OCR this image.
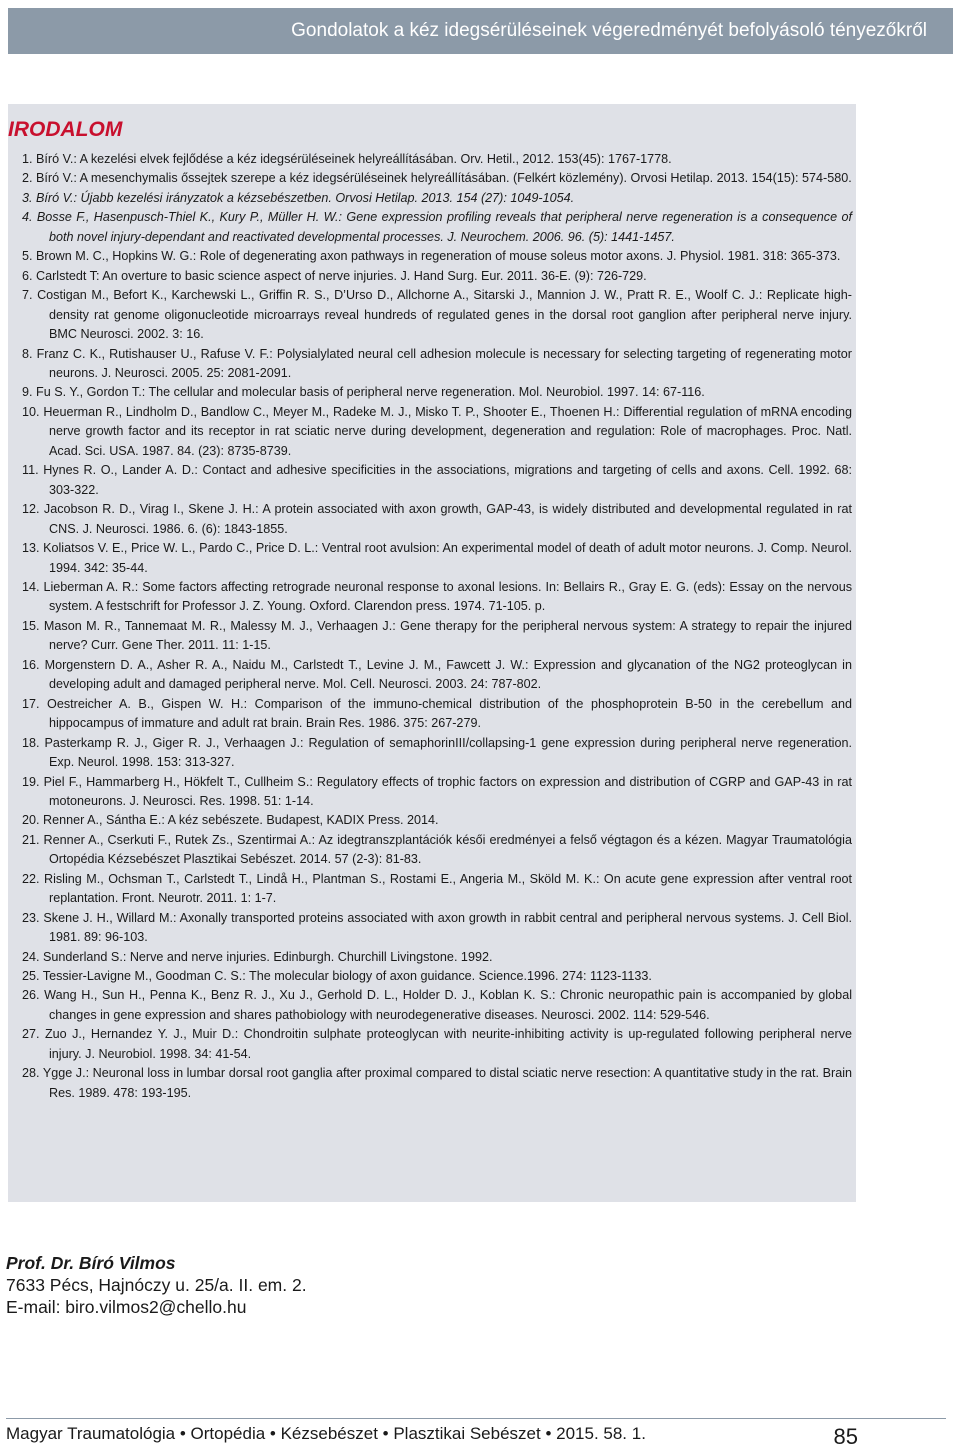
Gondolatok a kéz idegsérüléseinek végeredményét befolyásoló tényezőkről
IRODALOM
1. Bíró V.: A kezelési elvek fejlődése a kéz idegsérüléseinek helyreállításában. Orv. Hetil., 2012. 153(45): 1767-1778.
2. Bíró V.: A mesenchymalis őssejtek szerepe a kéz idegsérüléseinek helyreállításában. (Felkért közlemény). Orvosi Hetilap. 2013. 154(15): 574-580.
3. Bíró V.: Újabb kezelési irányzatok a kézsebészetben. Orvosi Hetilap. 2013. 154 (27): 1049-1054.
4. Bosse F., Hasenpusch-Thiel K., Kury P., Müller H. W.: Gene expression profiling reveals that peripheral nerve regeneration is a consequence of both novel injury-dependant and reactivated developmental processes. J. Neurochem. 2006. 96. (5): 1441-1457.
5. Brown M. C., Hopkins W. G.: Role of degenerating axon pathways in regeneration of mouse soleus motor axons. J. Physiol. 1981. 318: 365-373.
6. Carlstedt T: An overture to basic science aspect of nerve injuries. J. Hand Surg. Eur. 2011. 36-E. (9): 726-729.
7. Costigan M., Befort K., Karchewski L., Griffin R. S., D’Urso D., Allchorne A., Sitarski J., Mannion J. W., Pratt R. E., Woolf C. J.: Replicate high-density rat genome oligonucleotide microarrays reveal hundreds of regulated genes in the dorsal root ganglion after peripheral nerve injury. BMC Neurosci. 2002. 3: 16.
8. Franz C. K., Rutishauser U., Rafuse V. F.: Polysialylated neural cell adhesion molecule is necessary for selecting targeting of regenerating motor neurons. J. Neurosci. 2005. 25: 2081-2091.
9. Fu S. Y., Gordon T.: The cellular and molecular basis of peripheral nerve regeneration. Mol. Neurobiol. 1997. 14: 67-116.
10. Heuerman R., Lindholm D., Bandlow C., Meyer M., Radeke M. J., Misko T. P., Shooter E., Thoenen H.: Differential regulation of mRNA encoding nerve growth factor and its receptor in rat sciatic nerve during development, degeneration and regulation: Role of macrophages. Proc. Natl. Acad. Sci. USA. 1987. 84. (23): 8735-8739.
11. Hynes R. O., Lander A. D.: Contact and adhesive specificities in the associations, migrations and targeting of cells and axons. Cell. 1992. 68: 303-322.
12. Jacobson R. D., Virag I., Skene J. H.: A protein associated with axon growth, GAP-43, is widely distributed and developmental regulated in rat CNS. J. Neurosci. 1986. 6. (6): 1843-1855.
13. Koliatsos V. E., Price W. L., Pardo C., Price D. L.: Ventral root avulsion: An experimental model of death of adult motor neurons. J. Comp. Neurol. 1994. 342: 35-44.
14. Lieberman A. R.: Some factors affecting retrograde neuronal response to axonal lesions. In: Bellairs R., Gray E. G. (eds): Essay on the nervous system. A festschrift for Professor J. Z. Young. Oxford. Clarendon press. 1974. 71-105. p.
15. Mason M. R., Tannemaat M. R., Malessy M. J., Verhaagen J.: Gene therapy for the peripheral nervous system: A strategy to repair the injured nerve? Curr. Gene Ther. 2011. 11: 1-15.
16. Morgenstern D. A., Asher R. A., Naidu M., Carlstedt T., Levine J. M., Fawcett J. W.: Expression and glycanation of the NG2 proteoglycan in developing adult and damaged peripheral nerve. Mol. Cell. Neurosci. 2003. 24: 787-802.
17. Oestreicher A. B., Gispen W. H.: Comparison of the immuno-chemical distribution of the phosphoprotein B-50 in the cerebellum and hippocampus of immature and adult rat brain. Brain Res. 1986. 375: 267-279.
18. Pasterkamp R. J., Giger R. J., Verhaagen J.: Regulation of semaphorinIII/collapsing-1 gene expression during peripheral nerve regeneration. Exp. Neurol. 1998. 153: 313-327.
19. Piel F., Hammarberg H., Hökfelt T., Cullheim S.: Regulatory effects of trophic factors on expression and distribution of CGRP and GAP-43 in rat motoneurons. J. Neurosci. Res. 1998. 51: 1-14.
20. Renner A., Sántha E.: A kéz sebészete. Budapest, KADIX Press. 2014.
21. Renner A., Cserkuti F., Rutek Zs., Szentirmai A.: Az idegtranszplantációk késői eredményei a felső végtagon és a kézen. Magyar Traumatológia Ortopédia Kézsebészet Plasztikai Sebészet. 2014. 57 (2-3): 81-83.
22. Risling M., Ochsman T., Carlstedt T., Lindå H., Plantman S., Rostami E., Angeria M., Sköld M. K.: On acute gene expression after ventral root replantation. Front. Neurotr. 2011. 1: 1-7.
23. Skene J. H., Willard M.: Axonally transported proteins associated with axon growth in rabbit central and peripheral nervous systems. J. Cell Biol. 1981. 89: 96-103.
24. Sunderland S.: Nerve and nerve injuries. Edinburgh. Churchill Livingstone. 1992.
25. Tessier-Lavigne M., Goodman C. S.: The molecular biology of axon guidance. Science.1996. 274: 1123-1133.
26. Wang H., Sun H., Penna K., Benz R. J., Xu J., Gerhold D. L., Holder D. J., Koblan K. S.: Chronic neuropathic pain is accompanied by global changes in gene expression and shares pathobiology with neurodegenerative diseases. Neurosci. 2002. 114: 529-546.
27. Zuo J., Hernandez Y. J., Muir D.: Chondroitin sulphate proteoglycan with neurite-inhibiting activity is up-regulated following peripheral nerve injury. J. Neurobiol. 1998. 34: 41-54.
28. Ygge J.: Neuronal loss in lumbar dorsal root ganglia after proximal compared to distal sciatic nerve resection: A quantitative study in the rat. Brain Res. 1989. 478: 193-195.
Prof. Dr. Bíró Vilmos
7633 Pécs, Hajnóczy u. 25/a. II. em. 2.
E-mail: biro.vilmos2@chello.hu
Magyar Traumatológia • Ortopédia • Kézsebészet • Plasztikai Sebészet • 2015. 58. 1.	85
